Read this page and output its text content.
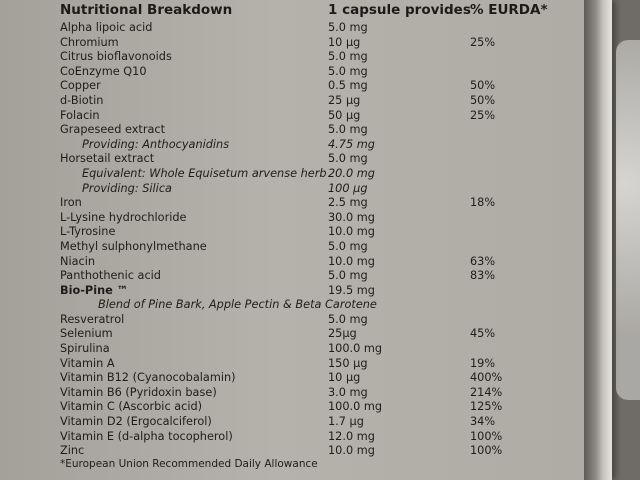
Nutritional Breakdown	1 capsule provides % EURDA*
Alpha lipoic acid	5.0 mg
Chromium	10 µg	25%
Citrus bioflavonoids	5.0 mg
CoEnzyme Q10	5.0 mg
Copper	0.5 mg	50%
d-Biotin	25 µg	50%
Folacin	50 µg	25%
Grapeseed extract	5.0 mg
Providing: Anthocyanidins	4.75 mg
Horsetail extract	5.0 mg
Equivalent: Whole Equisetum arvense herb 20.0 mg
Providing: Silica	100 µg
Iron	2.5 mg	18%
L-Lysine hydrochloride	30.0 mg
L-Tyrosine	10.0 mg
Methyl sulphonylmethane	5.0 mg
Niacin	10.0 mg	63%
Panthothenic acid	5.0 mg	83%
Bio-Pine ™	19.5 mg
Blend of Pine Bark, Apple Pectin & Beta Carotene
Resveratrol	5.0 mg
Selenium	25µg	45%
Spirulina	100.0 mg
Vitamin A	150 µg	19%
Vitamin B12 (Cyanocobalamin)	10 µg	400%
Vitamin B6 (Pyridoxin base)	3.0 mg	214%
Vitamin C (Ascorbic acid)	100.0 mg	125%
Vitamin D2 (Ergocalciferol)	1.7 µg	34%
Vitamin E (d-alpha tocopherol)	12.0 mg	100%
Zinc	10.0 mg	100%
*European Union Recommended Daily Allowance
